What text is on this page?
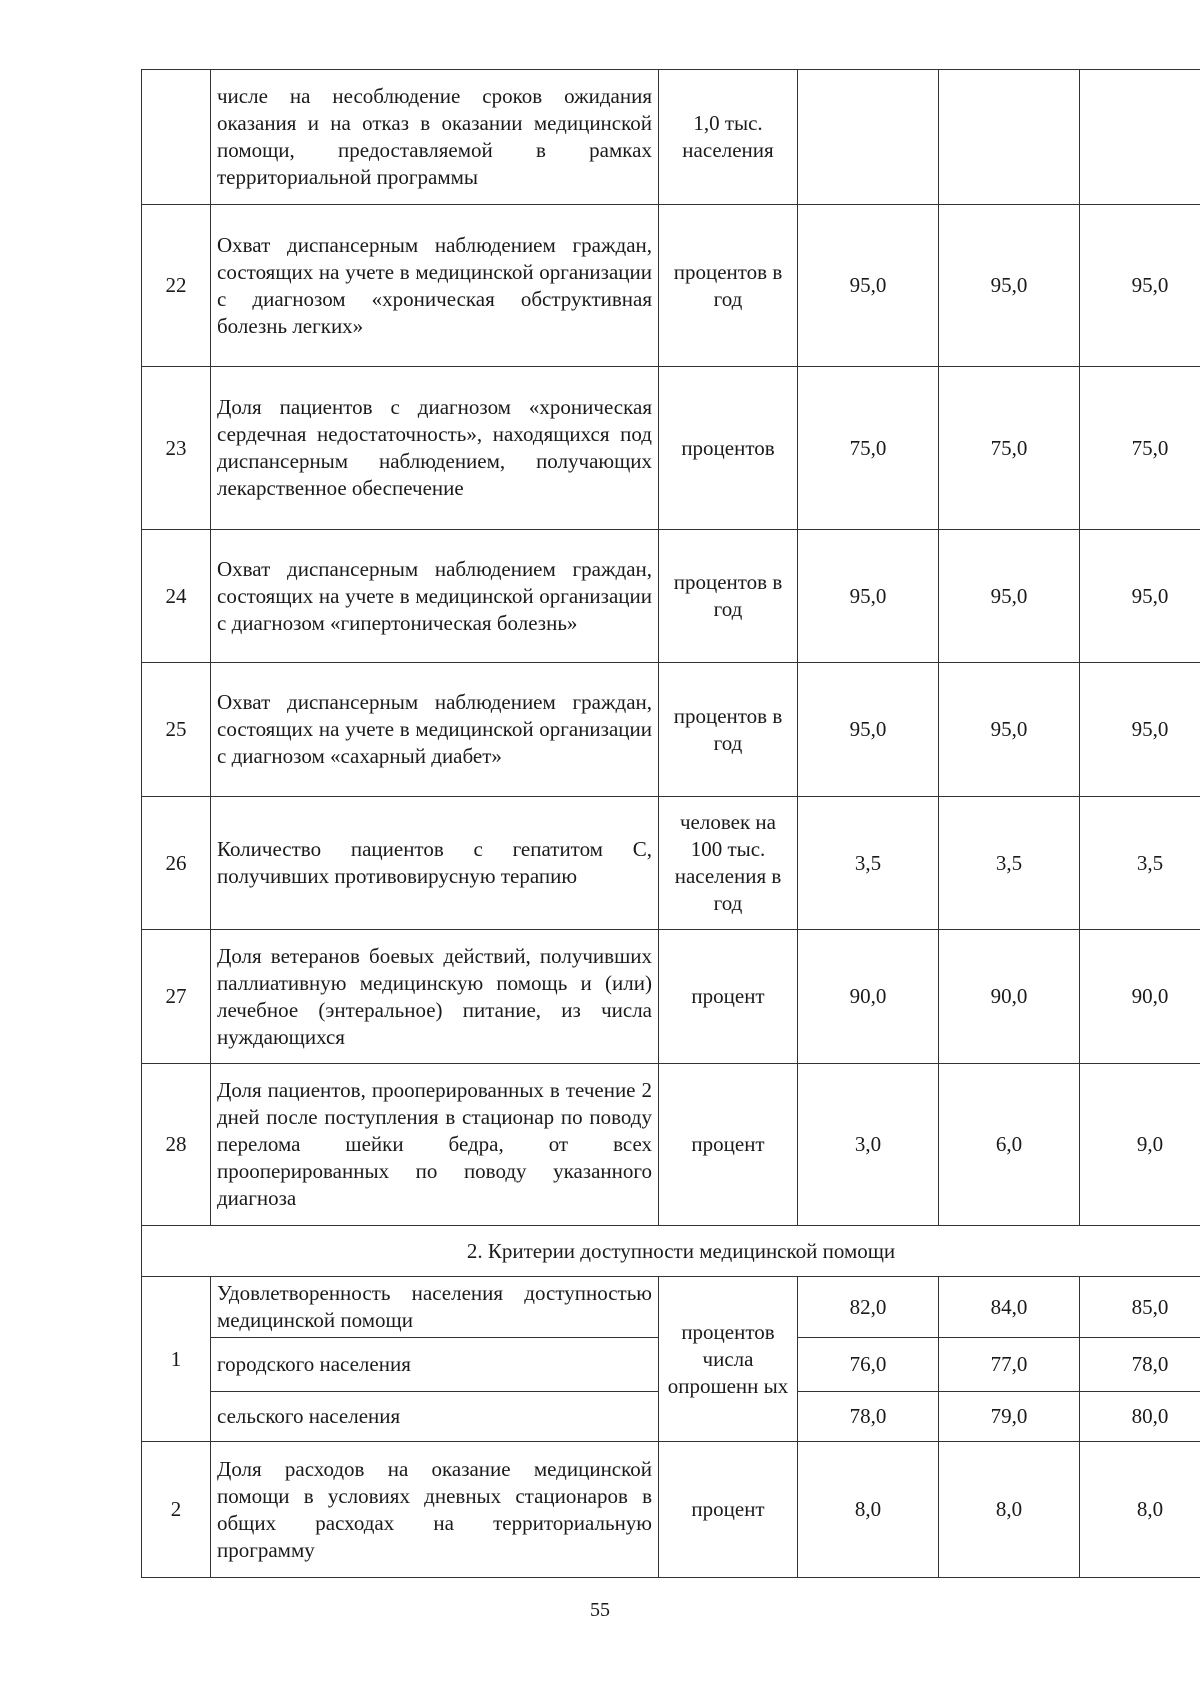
	числе на несоблюдение сроков ожидания оказания и на отказ в оказании медицинской помощи, предоставляемой в рамках территориальной программы	1,0 тыс. населения			
22	Охват диспансерным наблюдением граждан, состоящих на учете в медицинской организации с диагнозом «хроническая обструктивная болезнь легких»	процентов в год	95,0	95,0	95,0
23	Доля пациентов с диагнозом «хроническая сердечная недостаточность», находящихся под диспансерным наблюдением, получающих лекарственное обеспечение	процентов	75,0	75,0	75,0
24	Охват диспансерным наблюдением граждан, состоящих на учете в медицинской организации с диагнозом «гипертоническая болезнь»	процентов в год	95,0	95,0	95,0
25	Охват диспансерным наблюдением граждан, состоящих на учете в медицинской организации с диагнозом «сахарный диабет»	процентов в год	95,0	95,0	95,0
26	Количество пациентов с гепатитом С, получивших противовирусную терапию	человек на 100 тыс. населения в год	3,5	3,5	3,5
27	Доля ветеранов боевых действий, получивших паллиативную медицинскую помощь и (или) лечебное (энтеральное) питание, из числа нуждающихся	процент	90,0	90,0	90,0
28	Доля пациентов, прооперированных в течение 2 дней после поступления в стационар по поводу перелома шейки бедра, от всех прооперированных по поводу указанного диагноза	процент	3,0	6,0	9,0
2. Критерии доступности медицинской помощи					
1	Удовлетворенность населения доступностью медицинской помощи	процентов числа опрошенн ых	82,0	84,0	85,0
	городского населения		76,0	77,0	78,0
	сельского населения		78,0	79,0	80,0
2	Доля расходов на оказание медицинской помощи в условиях дневных стационаров в общих расходах на территориальную программу	процент	8,0	8,0	8,0
55
